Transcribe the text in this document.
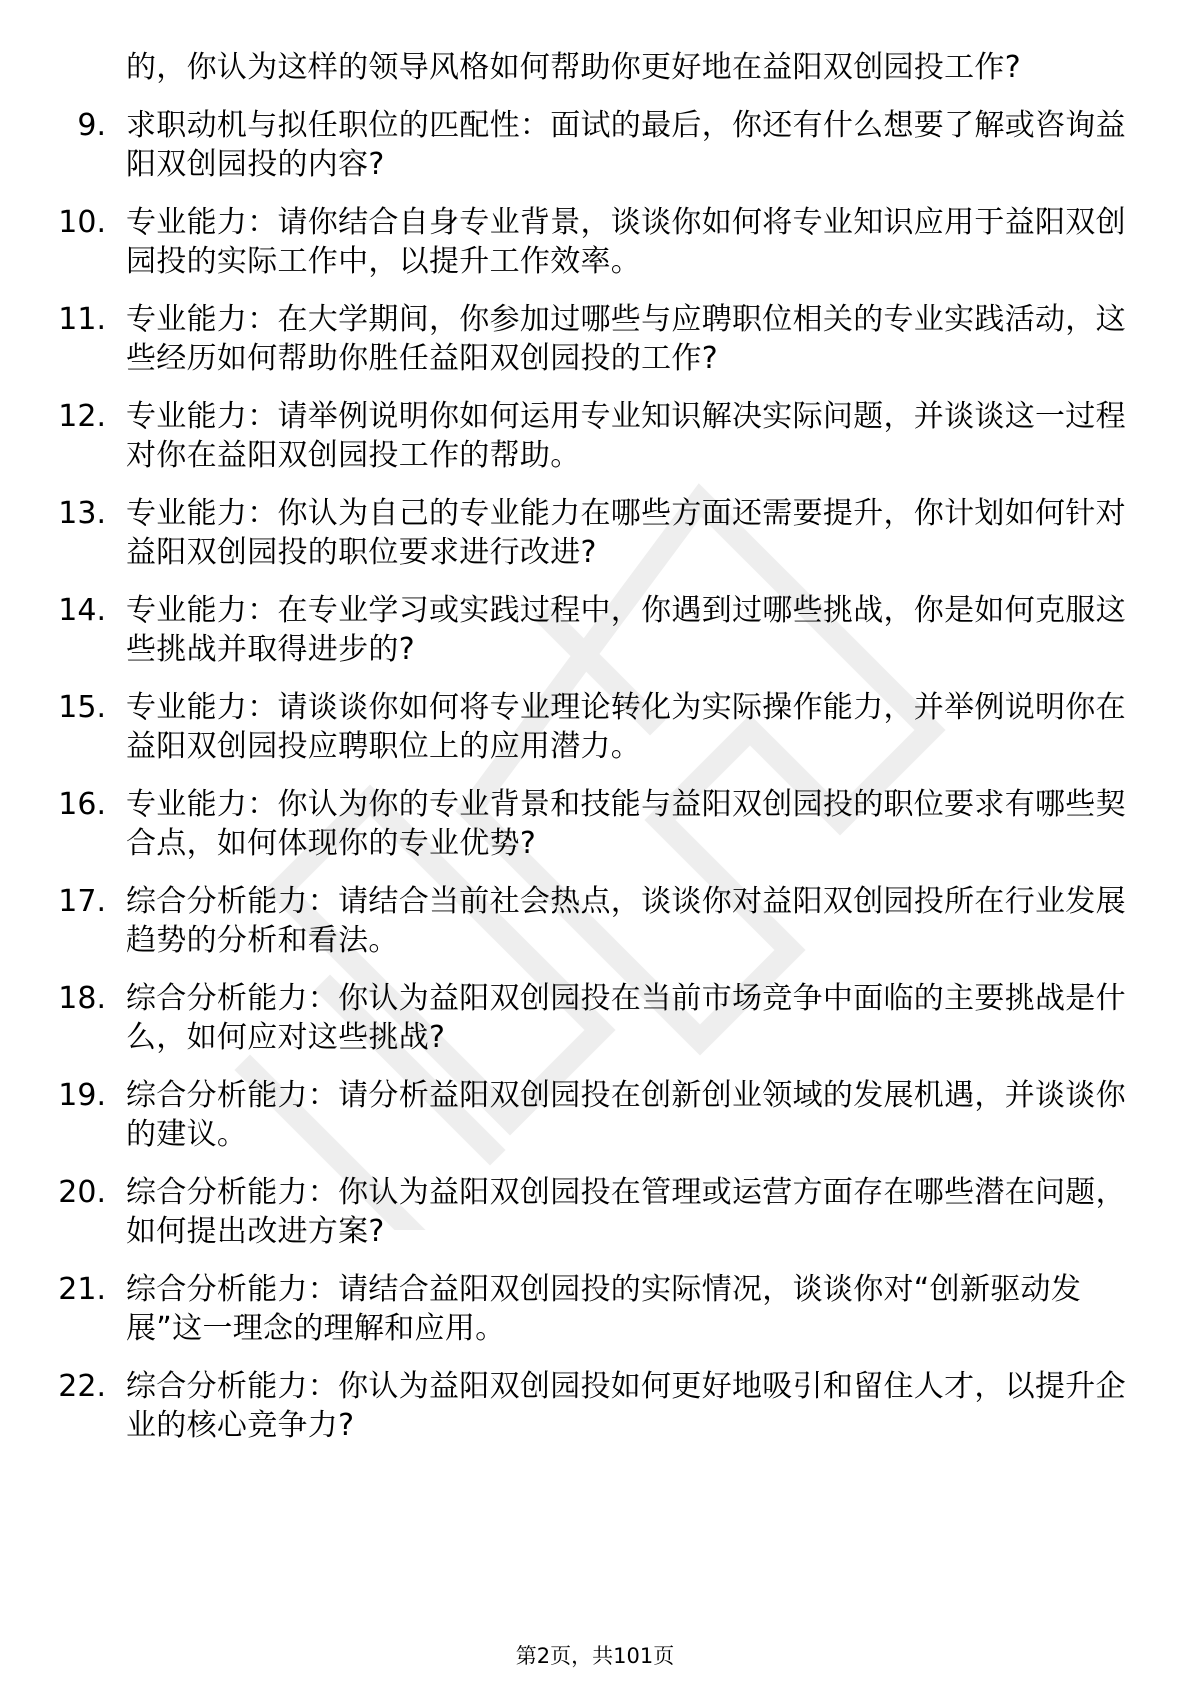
的，你认为这样的领导风格如何帮助你更好地在益阳双创园投工作?
9. 求职动机与拟任职位的匹配性：面试的最后，你还有什么想要了解或咨询益阳双创园投的内容?
10. 专业能力：请你结合自身专业背景，谈谈你如何将专业知识应用于益阳双创园投的实际工作中，以提升工作效率。
11. 专业能力：在大学期间，你参加过哪些与应聘职位相关的专业实践活动，这些经历如何帮助你胜任益阳双创园投的工作?
12. 专业能力：请举例说明你如何运用专业知识解决实际问题，并谈谈这一过程对你在益阳双创园投工作的帮助。
13. 专业能力：你认为自己的专业能力在哪些方面还需要提升，你计划如何针对益阳双创园投的职位要求进行改进?
14. 专业能力：在专业学习或实践过程中，你遇到过哪些挑战，你是如何克服这些挑战并取得进步的?
15. 专业能力：请谈谈你如何将专业理论转化为实际操作能力，并举例说明你在益阳双创园投应聘职位上的应用潜力。
16. 专业能力：你认为你的专业背景和技能与益阳双创园投的职位要求有哪些契合点，如何体现你的专业优势?
17. 综合分析能力：请结合当前社会热点，谈谈你对益阳双创园投所在行业发展趋势的分析和看法。
18. 综合分析能力：你认为益阳双创园投在当前市场竞争中面临的主要挑战是什么，如何应对这些挑战?
19. 综合分析能力：请分析益阳双创园投在创新创业领域的发展机遇，并谈谈你的建议。
20. 综合分析能力：你认为益阳双创园投在管理或运营方面存在哪些潜在问题，如何提出改进方案?
21. 综合分析能力：请结合益阳双创园投的实际情况，谈谈你对“创新驱动发展”这一理念的理解和应用。
22. 综合分析能力：你认为益阳双创园投如何更好地吸引和留住人才，以提升企业的核心竞争力?
第2页，共101页
